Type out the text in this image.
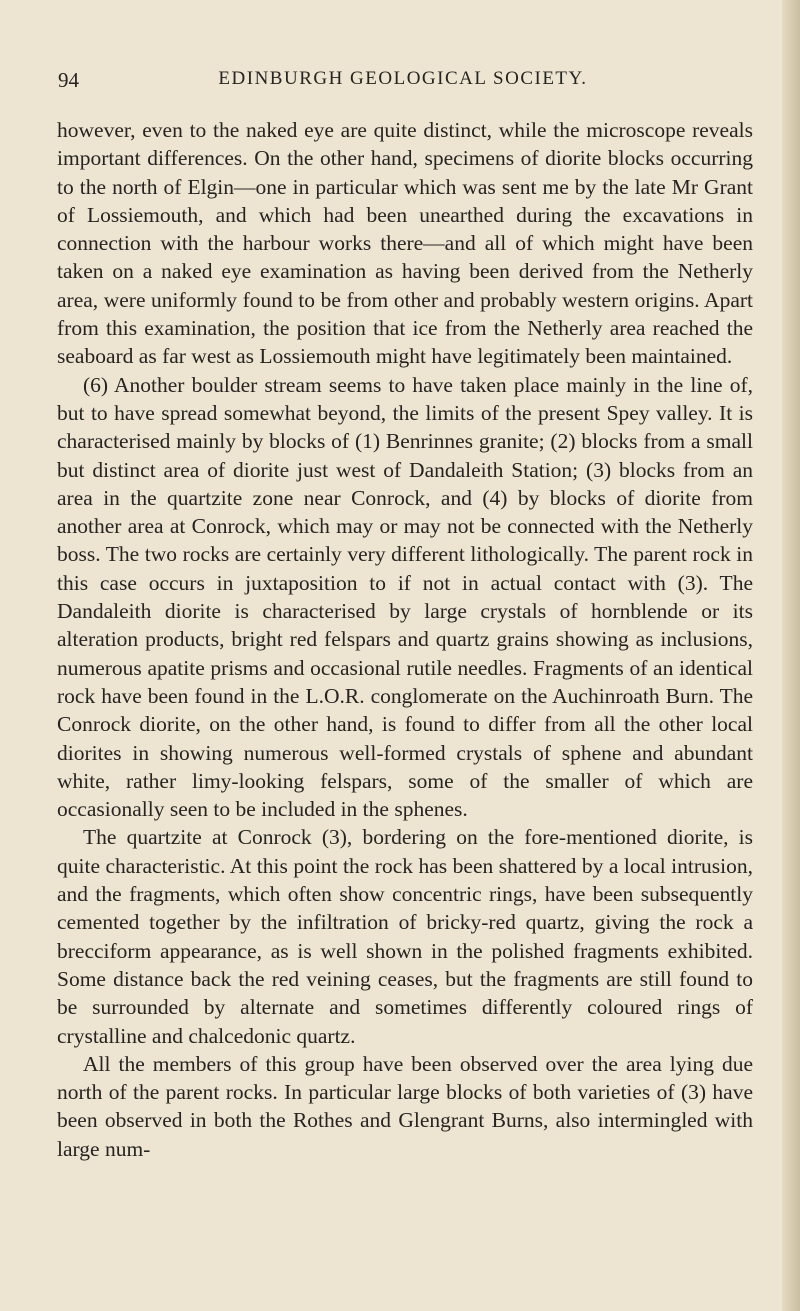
94	EDINBURGH GEOLOGICAL SOCIETY.

however, even to the naked eye are quite distinct, while the microscope reveals important differences. On the other hand, specimens of diorite blocks occurring to the north of Elgin—one in particular which was sent me by the late Mr Grant of Lossiemouth, and which had been unearthed during the excavations in connection with the harbour works there—and all of which might have been taken on a naked eye examination as having been derived from the Netherly area, were uniformly found to be from other and probably western origins. Apart from this examination, the position that ice from the Netherly area reached the seaboard as far west as Lossiemouth might have legitimately been maintained.

(6) Another boulder stream seems to have taken place mainly in the line of, but to have spread somewhat beyond, the limits of the present Spey valley. It is characterised mainly by blocks of (1) Benrinnes granite; (2) blocks from a small but distinct area of diorite just west of Dandaleith Station; (3) blocks from an area in the quartzite zone near Conrock, and (4) by blocks of diorite from another area at Conrock, which may or may not be connected with the Netherly boss. The two rocks are certainly very different lithologically. The parent rock in this case occurs in juxtaposition to if not in actual contact with (3). The Dandaleith diorite is characterised by large crystals of hornblende or its alteration products, bright red felspars and quartz grains showing as inclusions, numerous apatite prisms and occasional rutile needles. Fragments of an identical rock have been found in the L.O.R. conglomerate on the Auchinroath Burn. The Conrock diorite, on the other hand, is found to differ from all the other local diorites in showing numerous well-formed crystals of sphene and abundant white, rather limy-looking felspars, some of the smaller of which are occasionally seen to be included in the sphenes.

The quartzite at Conrock (3), bordering on the fore-mentioned diorite, is quite characteristic. At this point the rock has been shattered by a local intrusion, and the fragments, which often show concentric rings, have been subsequently cemented together by the infiltration of bricky-red quartz, giving the rock a brecciform appearance, as is well shown in the polished fragments exhibited. Some distance back the red veining ceases, but the fragments are still found to be surrounded by alternate and sometimes differently coloured rings of crystalline and chalcedonic quartz.

All the members of this group have been observed over the area lying due north of the parent rocks. In particular large blocks of both varieties of (3) have been observed in both the Rothes and Glengrant Burns, also intermingled with large num-
